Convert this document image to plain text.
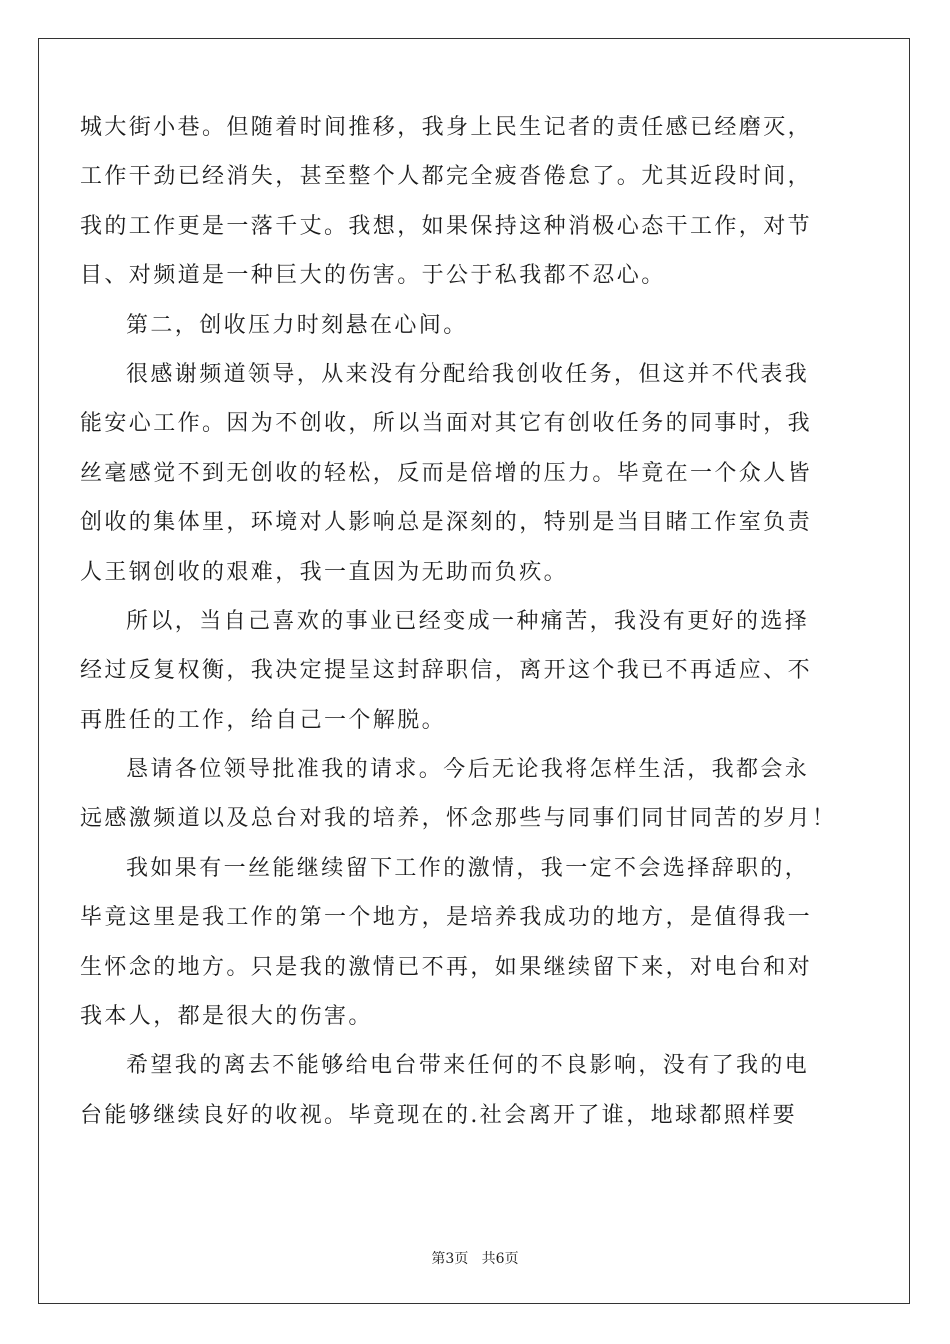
城大街小巷。但随着时间推移，我身上民生记者的责任感已经磨灭，
工作干劲已经消失，甚至整个人都完全疲沓倦怠了。尤其近段时间，
我的工作更是一落千丈。我想，如果保持这种消极心态干工作，对节
目、对频道是一种巨大的伤害。于公于私我都不忍心。
第二，创收压力时刻悬在心间。
很感谢频道领导，从来没有分配给我创收任务，但这并不代表我
能安心工作。因为不创收，所以当面对其它有创收任务的同事时，我
丝毫感觉不到无创收的轻松，反而是倍增的压力。毕竟在一个众人皆
创收的集体里，环境对人影响总是深刻的，特别是当目睹工作室负责
人王钢创收的艰难，我一直因为无助而负疚。
所以，当自己喜欢的事业已经变成一种痛苦，我没有更好的选择
经过反复权衡，我决定提呈这封辞职信，离开这个我已不再适应、不
再胜任的工作，给自己一个解脱。
恳请各位领导批准我的请求。今后无论我将怎样生活，我都会永
远感激频道以及总台对我的培养，怀念那些与同事们同甘同苦的岁月！
我如果有一丝能继续留下工作的激情，我一定不会选择辞职的，
毕竟这里是我工作的第一个地方，是培养我成功的地方，是值得我一
生怀念的地方。只是我的激情已不再，如果继续留下来，对电台和对
我本人，都是很大的伤害。
希望我的离去不能够给电台带来任何的不良影响，没有了我的电
台能够继续良好的收视。毕竟现在的.社会离开了谁，地球都照样要
第3页   共6页
